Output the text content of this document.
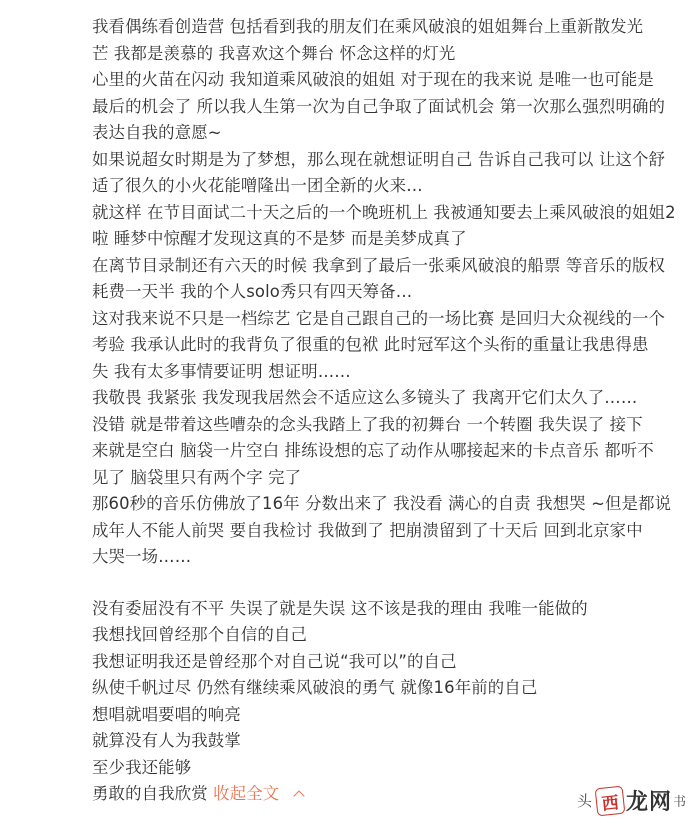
我看偶练看创造营 包括看到我的朋友们在乘风破浪的姐姐舞台上重新散发光
芒 我都是羡慕的 我喜欢这个舞台 怀念这样的灯光
心里的火苗在闪动 我知道乘风破浪的姐姐 对于现在的我来说 是唯一也可能是
最后的机会了 所以我人生第一次为自己争取了面试机会 第一次那么强烈明确的
表达自我的意愿~
如果说超女时期是为了梦想，那么现在就想证明自己 告诉自己我可以 让这个舒
适了很久的小火花能噌隆出一团全新的火来…
就这样 在节目面试二十天之后的一个晚班机上 我被通知要去上乘风破浪的姐姐2
啦 睡梦中惊醒才发现这真的不是梦 而是美梦成真了
在离节目录制还有六天的时候 我拿到了最后一张乘风破浪的船票 等音乐的版权
耗费一天半 我的个人solo秀只有四天筹备…
这对我来说不只是一档综艺 它是自己跟自己的一场比赛 是回归大众视线的一个
考验 我承认此时的我背负了很重的包袱 此时冠军这个头衔的重量让我患得患
失 我有太多事情要证明 想证明……
我敬畏 我紧张 我发现我居然会不适应这么多镜头了 我离开它们太久了……
没错 就是带着这些嘈杂的念头我踏上了我的初舞台 一个转圈 我失误了 接下
来就是空白 脑袋一片空白 排练设想的忘了动作从哪接起来的卡点音乐 都听不
见了 脑袋里只有两个字 完了
那60秒的音乐仿佛放了16年 分数出来了 我没看 满心的自责 我想哭 ~但是都说
成年人不能人前哭 要自我检讨 我做到了 把崩溃留到了十天后 回到北京家中
大哭一场……
没有委屈没有不平 失误了就是失误 这不该是我的理由 我唯一能做的
我想找回曾经那个自信的自己
我想证明我还是曾经那个对自己说“我可以”的自己
纵使千帆过尽 仍然有继续乘风破浪的勇气 就像16年前的自己
想唱就唱要唱的响亮
就算没有人为我鼓掌
至少我还能够
勇敢的自我欣赏 收起全文	头 西 龙网 书
